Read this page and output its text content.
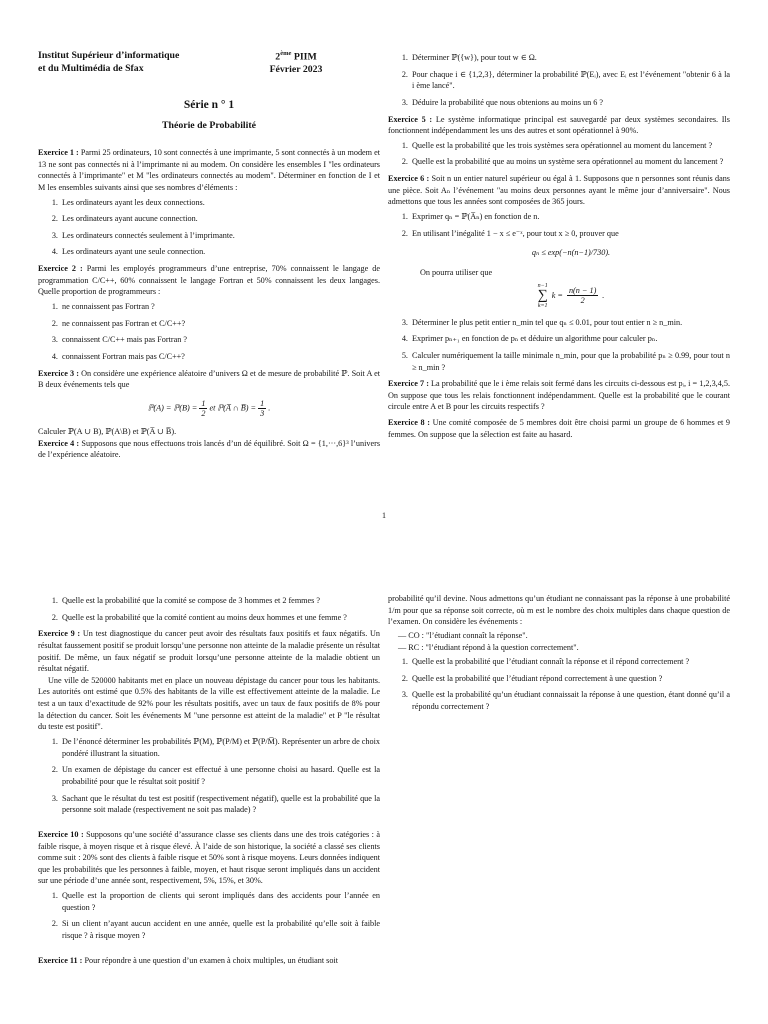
Institut Supérieur d’informatique
et du Multimédia de Sfax
2ème PIIM
Février 2023
Série n ° 1
Théorie de Probabilité

Exercice 1 : Parmi 25 ordinateurs, 10 sont connectés à une imprimante, 5 sont connectés à un modem et 13 ne sont pas connectés ni à l’imprimante ni au modem. On considère les ensembles I "les ordinateurs connectés à l’imprimante" et M "les ordinateurs connectés au modem". Déterminer en fonction de I et M les ensembles suivants ainsi que ses nombres d’éléments :

1. Les ordinateurs ayant les deux connections.
2. Les ordinateurs ayant aucune connection.
3. Les ordinateurs connectés seulement à l’imprimante.
4. Les ordinateurs ayant une seule connection.

Exercice 2 : Parmi les employés programmeurs d’une entreprise, 70% connaissent le langage de programmation C/C++, 60% connaissent le langage Fortran et 50% connaissent les deux langages. Quelle proportion de programmeurs :

1. ne connaissent pas Fortran ?
2. ne connaissent pas Fortran et C/C++?
3. connaissent C/C++ mais pas Fortran ?
4. connaissent Fortran mais pas C/C++?

Exercice 3 : On considère une expérience aléatoire d’univers Ω et de mesure de probabilité ℙ. Soit A et B deux événements tels que

ℙ(A) = ℙ(B) = $\frac{1}{2}$ et ℙ(A̅ ∩ B̅) = $\frac{1}{3}$ .

Calculer ℙ(A ∪ B), ℙ(A\B) et ℙ(A̅ ∪ B̅).

Exercice 4 : Supposons que nous effectuons trois lancés d’un dé équilibré. Soit Ω = {1,···,6}³ l’univers de l’expérience aléatoire.

1. Déterminer ℙ({w}), pour tout w ∈ Ω.
2. Pour chaque i ∈ {1,2,3}, déterminer la probabilité ℙ(Eᵢ), avec Eᵢ est l’événement "obtenir 6 à la i ème lancé".
3. Déduire la probabilité que nous obtenions au moins un 6 ?

Exercice 5 : Le système informatique principal est sauvegardé par deux systèmes secondaires. Ils fonctionnent indépendamment les uns des autres et sont opérationnel à 90%.

1. Quelle est la probabilité que les trois systèmes sera opérationnel au moment du lancement ?
2. Quelle est la probabilité que au moins un système sera opérationnel au moment du lancement ?

Exercice 6 : Soit n un entier naturel supérieur ou égal à 1. Supposons que n personnes sont réunis dans une pièce. Soit Aₙ l’événement "au moins deux personnes ayant le même jour d’anniversaire". Nous admettons que tous les années sont composées de 365 jours.

1. Exprimer qₙ = ℙ(A̅ₙ) en fonction de n.
2. En utilisant l’inégalité 1 − x ≤ e⁻ˣ, pour tout x ≥ 0, prouver que
qₙ ≤ exp(−n(n−1)/730).
On pourra utiliser que
n−1
∑
k=1
$k = \frac{n(n - 1)}{2}$ .
3. Déterminer le plus petit entier n_min tel que qₙ ≤ 0.01, pour tout entier n ≥ n_min.
4. Exprimer pₙ₊₁ en fonction de pₙ et déduire un algorithme pour calculer pₙ.
5. Calculer numériquement la taille minimale n_min, pour que la probabilité pₙ ≥ 0.99, pour tout n ≥ n_min ?

Exercice 7 : La probabilité que le i ème relais soit fermé dans les circuits ci-dessous est pᵢ, i = 1,2,3,4,5. On suppose que tous les relais fonctionnent indépendamment. Quelle est la probabilité que le courant circule entre A et B pour les circuits respectifs ?

Exercice 8 : Une comité composée de 5 membres doit être choisi parmi un groupe de 6 hommes et 9 femmes. On suppose que la sélection est faite au hasard.

1
1. Quelle est la probabilité que la comité se compose de 3 hommes et 2 femmes ?
2. Quelle est la probabilité que la comité contient au moins deux hommes et une femme ?

Exercice 9 : Un test diagnostique du cancer peut avoir des résultats faux positifs et faux négatifs. Un résultat faussement positif se produit lorsqu’une personne non atteinte de la maladie présente un résultat positif. De même, un faux négatif se produit lorsqu’une personne atteinte de la maladie obtient un résultat négatif.

Une ville de 520000 habitants met en place un nouveau dépistage du cancer pour tous les habitants. Les autorités ont estimé que 0.5% des habitants de la ville est effectivement atteinte de la maladie. Le test a un taux d’exactitude de 92% pour les résultats positifs, avec un taux de faux positifs de 8% pour la détection du cancer. Soit les événements M "une personne est atteint de la maladie" et P "le résultat du teste est positif".

1. De l’énoncé déterminer les probabilités ℙ(M), ℙ(P/M) et ℙ(P/M̅). Représenter un arbre de choix pondéré illustrant la situation.
2. Un examen de dépistage du cancer est effectué à une personne choisi au hasard. Quelle est la probabilité pour que le résultat soit positif ?
3. Sachant que le résultat du test est positif (respectivement négatif), quelle est la probabilité que la personne soit malade (respectivement ne soit pas malade) ?

Exercice 10 : Supposons qu’une société d’assurance classe ses clients dans une des trois catégories : à faible risque, à moyen risque et à risque élevé. À l’aide de son historique, la société a classé ses clients comme suit : 20% sont des clients à faible risque et 50% sont à risque moyens. Leurs données indiquent que les probabilités que les personnes à faible, moyen, et haut risque seront impliqués dans un accident sur une période d’une année sont, respectivement, 5%, 15%, et 30%.

1. Quelle est la proportion de clients qui seront impliqués dans des accidents pour l’année en question ?
2. Si un client n’ayant aucun accident en une année, quelle est la probabilité qu’elle soit à faible risque ? à risque moyen ?

Exercice 11 : Pour répondre à une question d’un examen à choix multiples, un étudiant soit

probabilité qu’il devine. Nous admettons qu’un étudiant ne connaissant pas la réponse à une probabilité 1/m pour que sa réponse soit correcte, où m est le nombre des choix multiples dans chaque question de l’examen. On considère les événements :

— CO : "l’étudiant connaît la réponse".
— RC : "l’étudiant répond à la question correctement".
1. Quelle est la probabilité que l’étudiant connaît la réponse et il répond correctement ?
2. Quelle est la probabilité que l’étudiant répond correctement à une question ?
3. Quelle est la probabilité qu’un étudiant connaissait la réponse à une question, étant donné qu’il a répondu correctement ?
